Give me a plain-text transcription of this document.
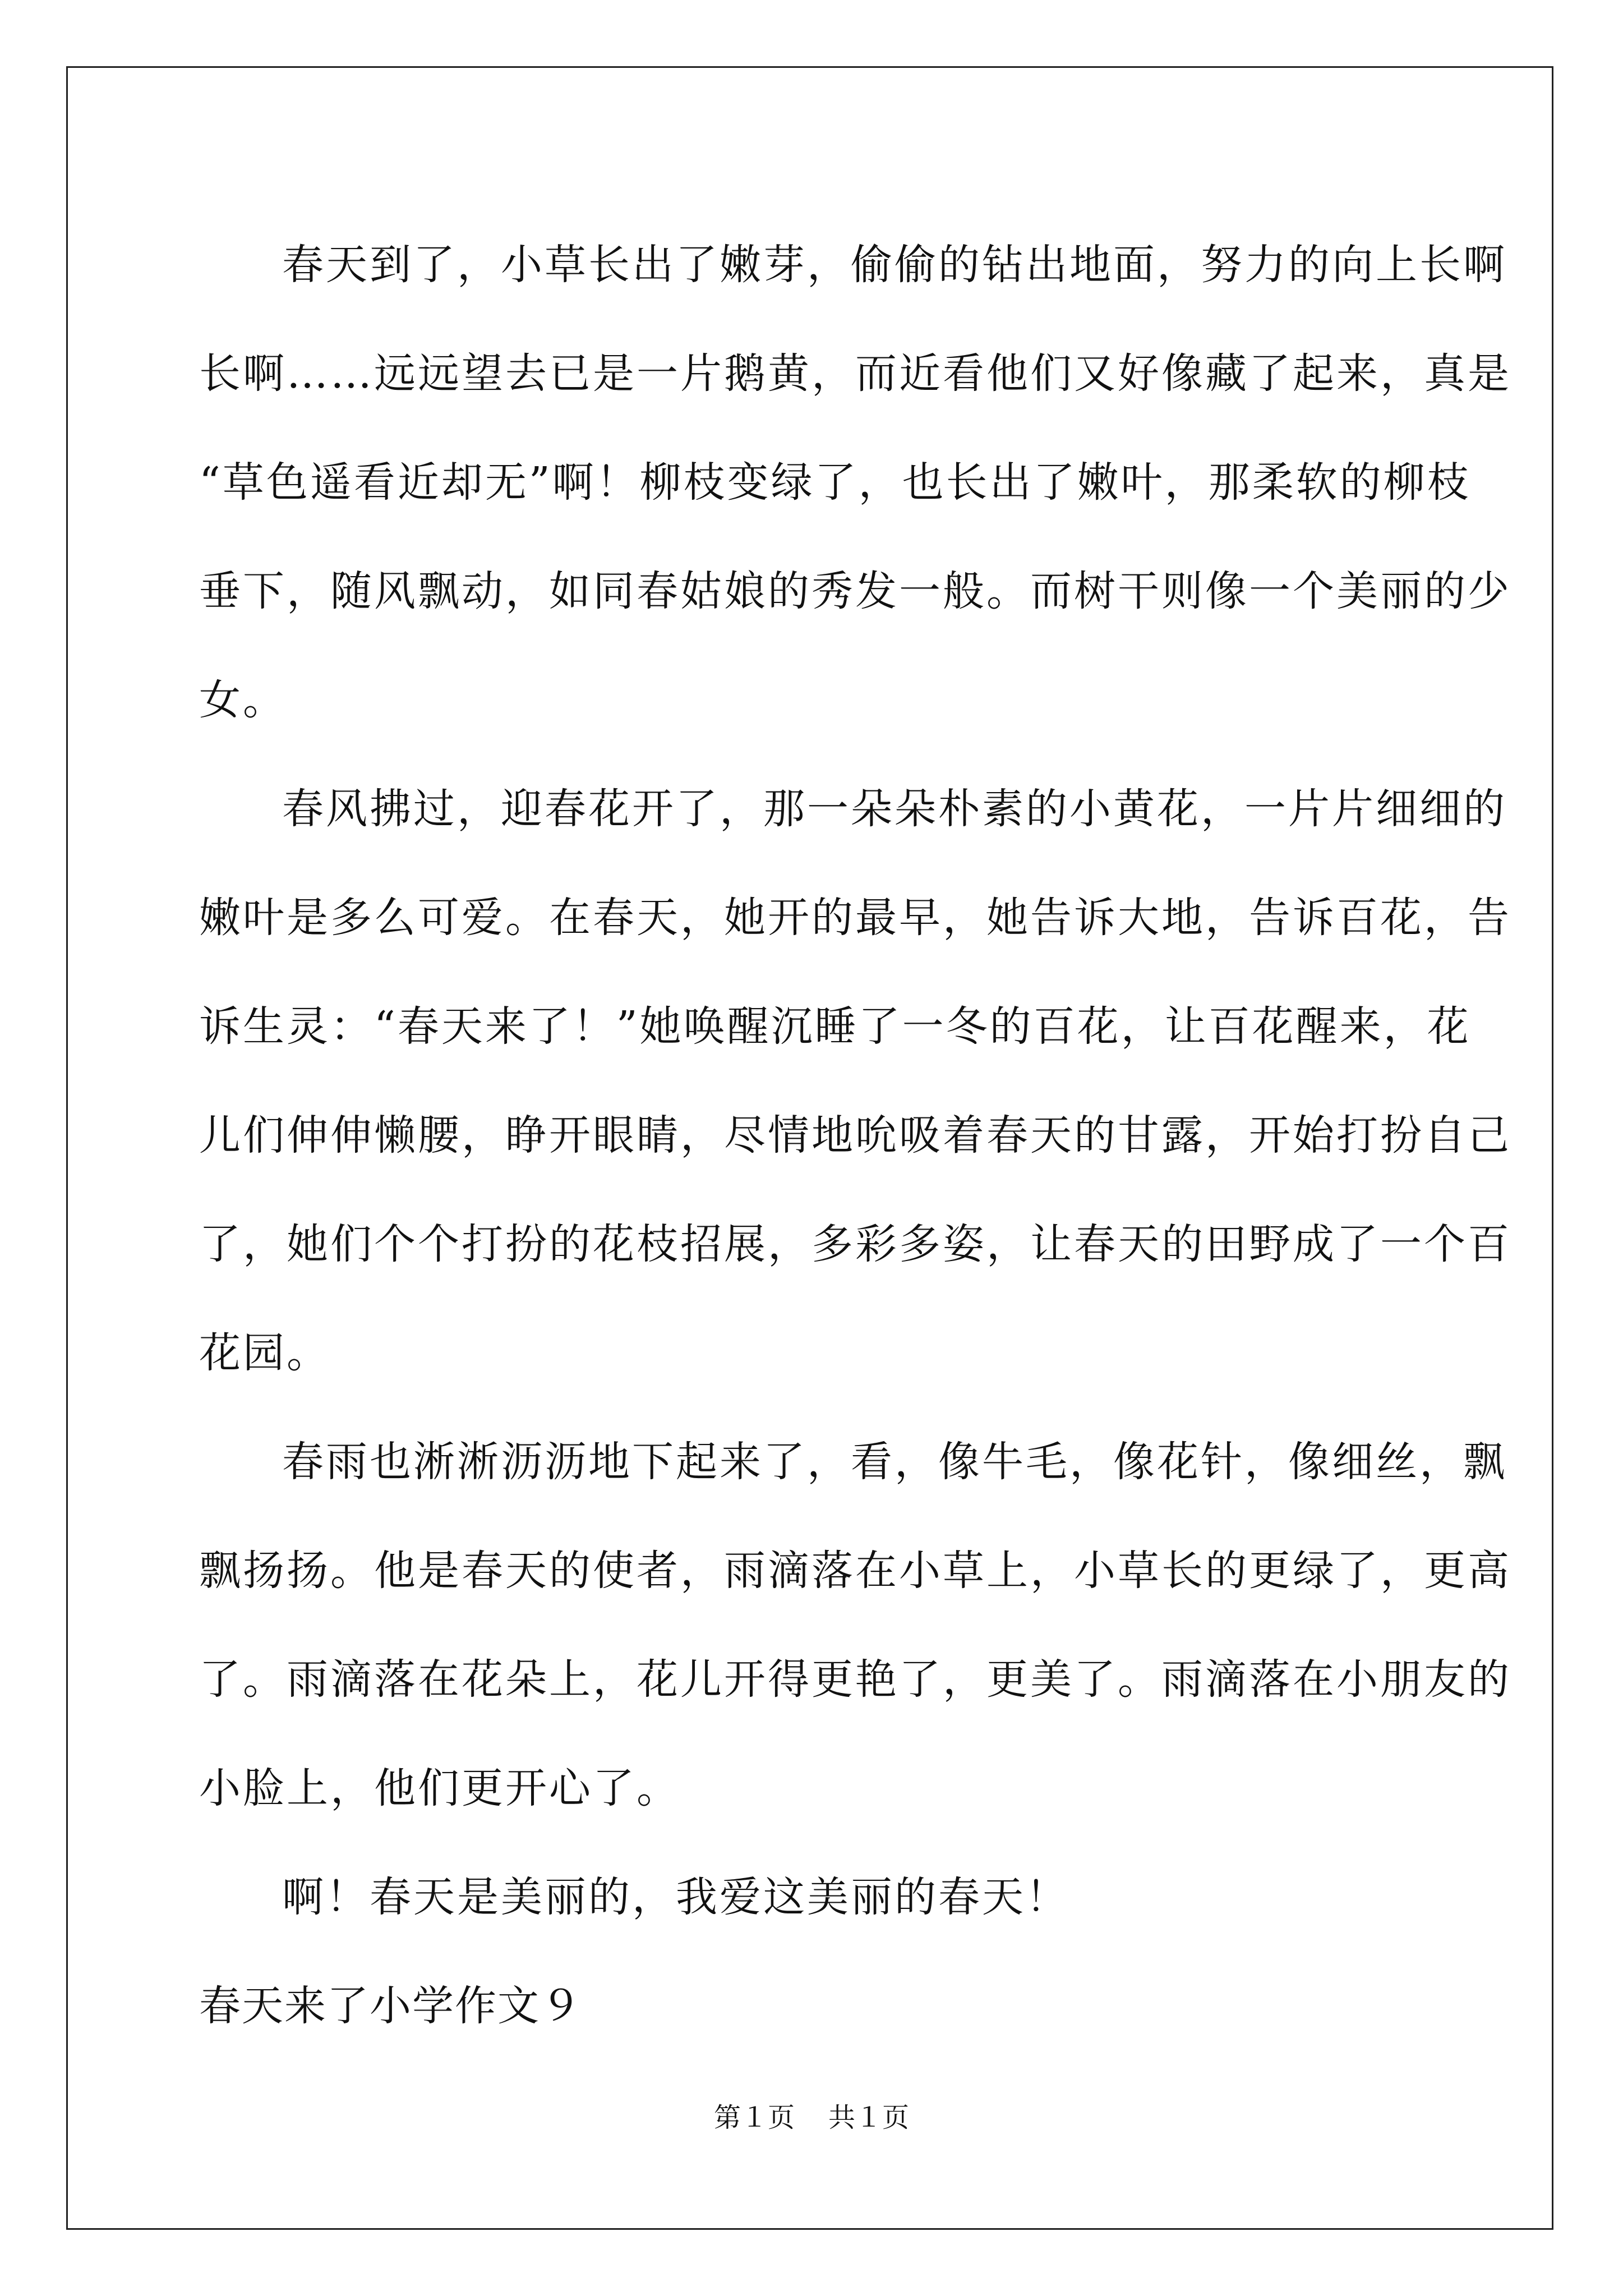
春天到了，小草长出了嫩芽，偷偷的钻出地面，努力的向上长啊
长啊……远远望去已是一片鹅黄，而近看他们又好像藏了起来，真是
“草色遥看近却无”啊！柳枝变绿了，也长出了嫩叶，那柔软的柳枝
垂下，随风飘动，如同春姑娘的秀发一般。而树干则像一个美丽的少
女。
春风拂过，迎春花开了，那一朵朵朴素的小黄花，一片片细细的
嫩叶是多么可爱。在春天，她开的最早，她告诉大地，告诉百花，告
诉生灵：“春天来了！”她唤醒沉睡了一冬的百花，让百花醒来，花
儿们伸伸懒腰，睁开眼睛，尽情地吮吸着春天的甘露，开始打扮自己
了，她们个个打扮的花枝招展，多彩多姿，让春天的田野成了一个百
花园。
春雨也淅淅沥沥地下起来了，看，像牛毛，像花针，像细丝，飘
飘扬扬。他是春天的使者，雨滴落在小草上，小草长的更绿了，更高
了。雨滴落在花朵上，花儿开得更艳了，更美了。雨滴落在小朋友的
小脸上，他们更开心了。
啊！春天是美丽的，我爱这美丽的春天！
春天来了小学作文９
第１页 共１页
